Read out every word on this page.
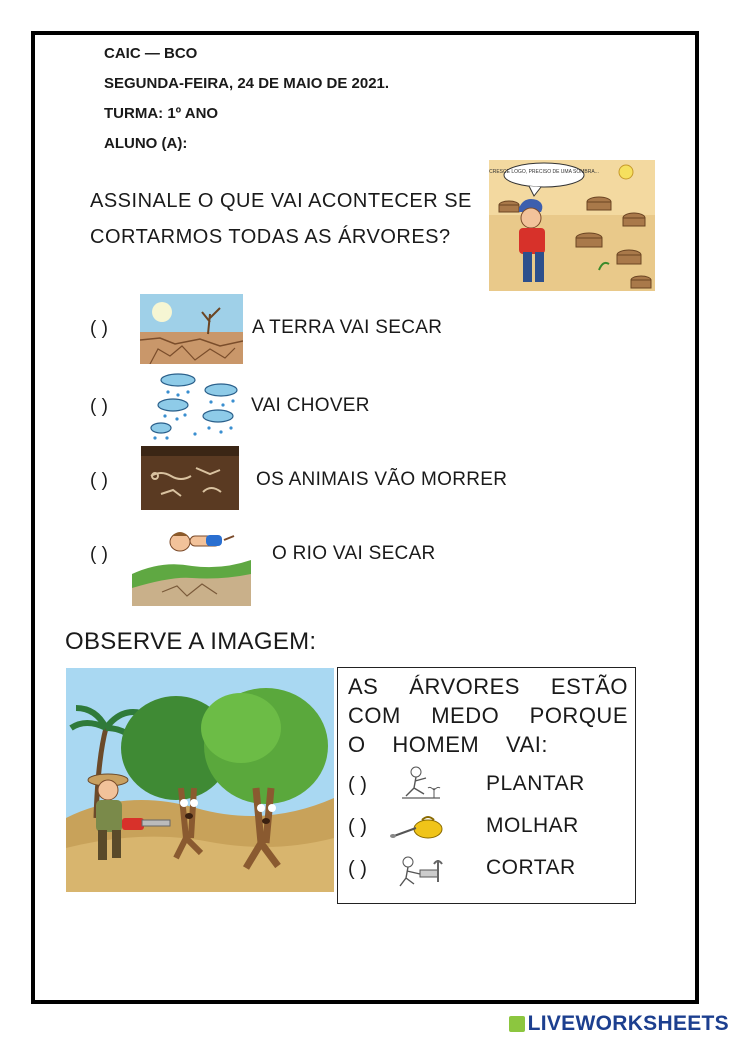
CAIC — BCO
SEGUNDA-FEIRA, 24 DE MAIO DE 2021.
TURMA: 1º ANO
ALUNO (A):
ASSINALE O QUE VAI ACONTECER SE
CORTARMOS TODAS AS ÁRVORES?
CRESCE LOGO, PRECISO DE UMA SOMBRA...
( )	A TERRA VAI SECAR
( )	VAI CHOVER
( )	OS ANIMAIS VÃO MORRER
( )	O RIO VAI SECAR
OBSERVE A IMAGEM:
AS ÁRVORES ESTÃO
COM MEDO PORQUE
O HOMEM VAI:
( )	PLANTAR
( )	MOLHAR
( )	CORTAR
LIVEWORKSHEETS
